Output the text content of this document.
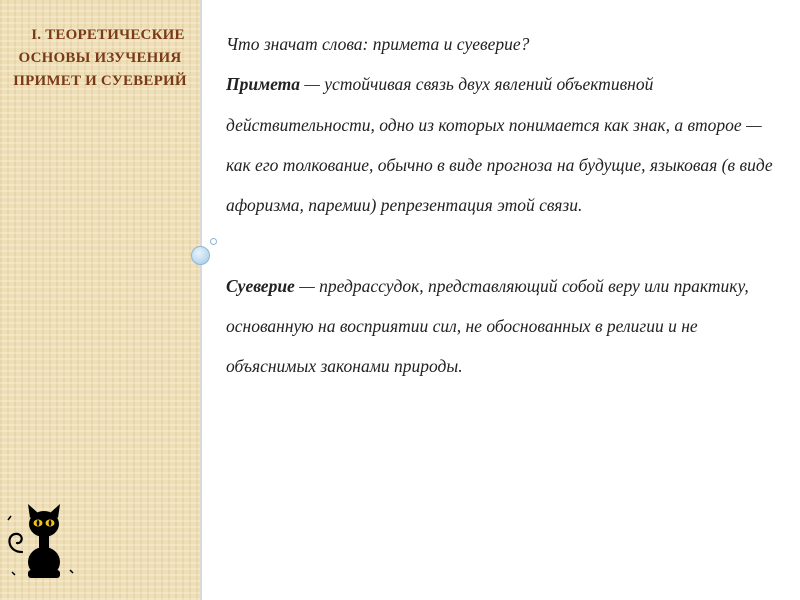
I. ТЕОРЕТИЧЕСКИЕ
ОСНОВЫ ИЗУЧЕНИЯ
ПРИМЕТ И СУЕВЕРИЙ

Что значат слова: примета и суеверие?

Примета — устойчивая связь двух явлений объективной действительности, одно из которых понимается как знак, а второе — как его толкование, обычно в виде прогноза на будущие, языковая (в виде афоризма, паремии) репрезентация этой связи.

Суеверие — предрассудок, представляющий собой веру или практику, основанную на восприятии сил, не обоснованных в религии и не объяснимых законами природы.
